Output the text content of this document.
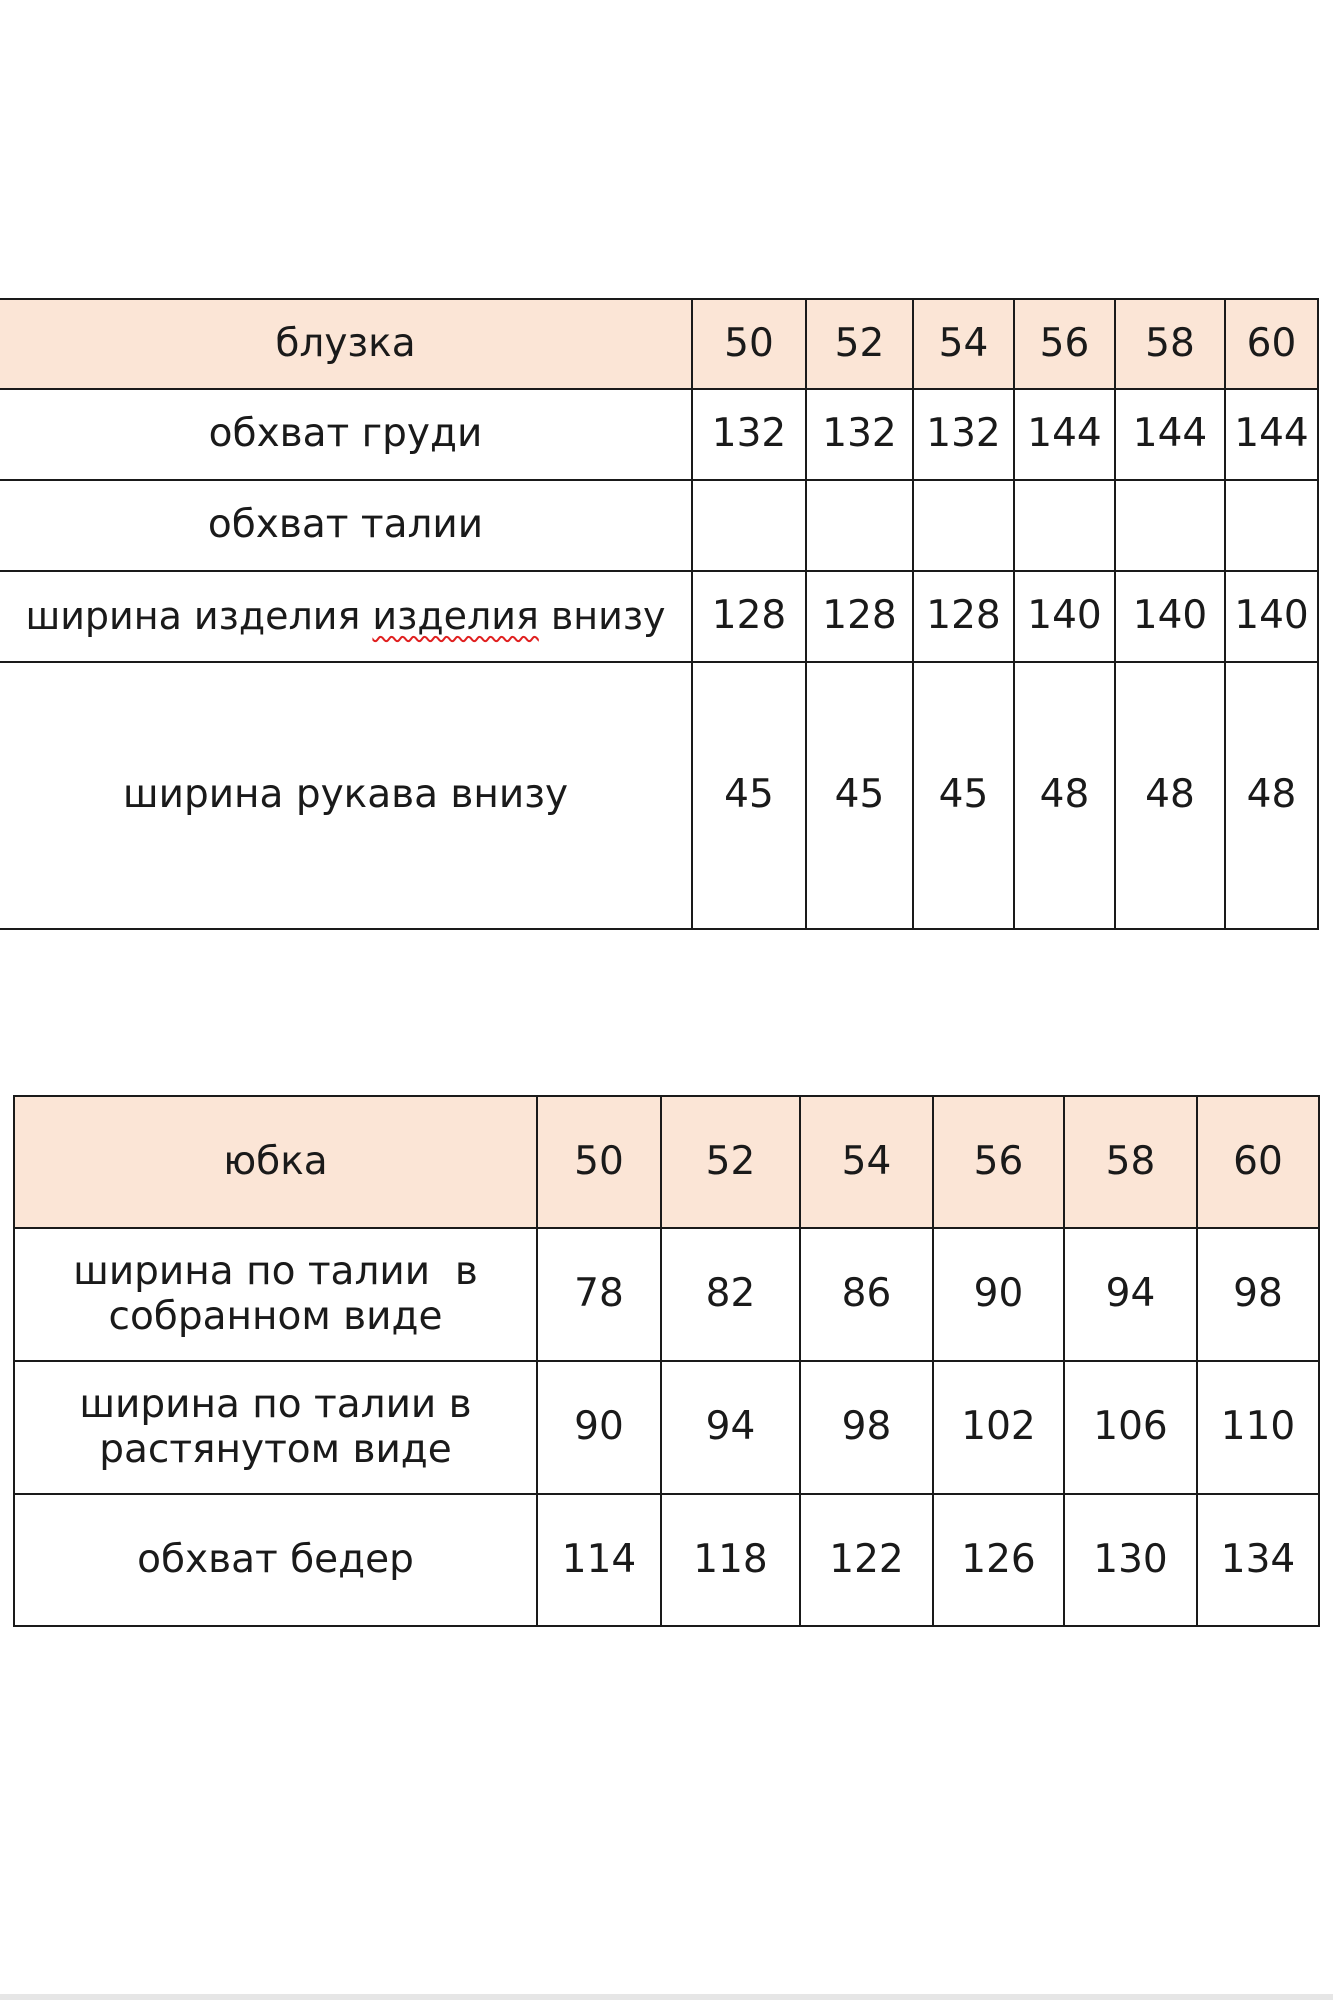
блузка	50	52	54	56	58	60
обхват груди	132	132	132	144	144	144
обхват талии						
ширина изделия изделия внизу	128	128	128	140	140	140
ширина рукава внизу	45	45	45	48	48	48
юбка	50	52	54	56	58	60

ширина по талии  в
собранном виде	78	82	86	90	94	98

ширина по талии в
растянутом виде	90	94	98	102	106	110
обхват бедер	114	118	122	126	130	134
